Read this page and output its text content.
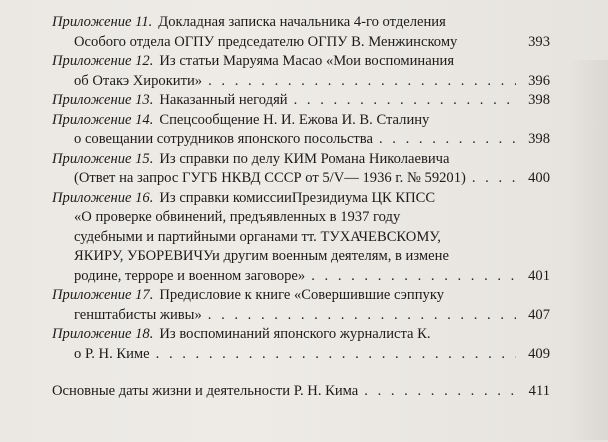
Приложение 11. Докладная записка начальника 4-го отделения
Особого отдела ОГПУ председателю ОГПУ В. Менжинскому	393
Приложение 12. Из статьи Маруяма Масао «Мои воспоминания
об Отакэ Хирокити» . . .	396
Приложение 13. Наказанный негодяй . . .	398
Приложение 14. Спецсообщение Н. И. Ежова И. В. Сталину
о совещании сотрудников японского посольства . . .	398
Приложение 15. Из справки по делу КИМ Романа Николаевича
(Ответ на запрос ГУГБ НКВД СССР от 5/V— 1936 г. № 59201) . . .	400
Приложение 16. Из справки комиссииПрезидиума ЦК КПСС
«О проверке обвинений, предъявленных в 1937 году
судебными и партийными органами тт. ТУХАЧЕВСКОМУ,
ЯКИРУ, УБОРЕВИЧУи другим военным деятелям, в измене
родине, терроре и военном заговоре» . . .	401
Приложение 17. Предисловие к книге «Совершившие сэппуку
генштабисты живы» . . .	407
Приложение 18. Из воспоминаний японского журналиста К.
о Р. Н. Киме . . .	409
Основные даты жизни и деятельности Р. Н. Кима . . .	411
